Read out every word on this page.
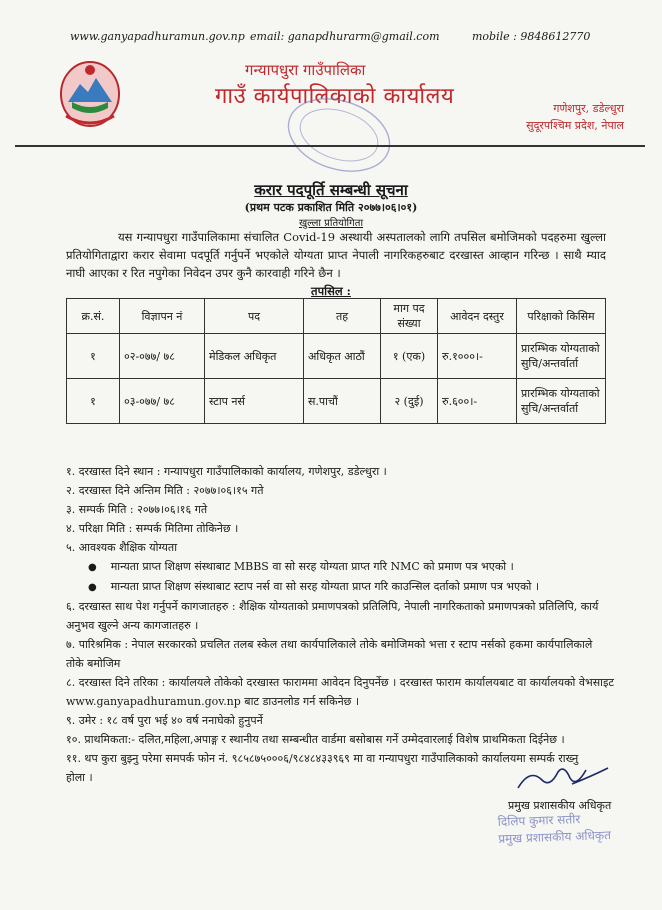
www.ganyapadhuramun.gov.np email: ganapdhurarm@gmail.com	mobile : 9848612770
गन्यापधुरा गाउँपालिका
गाउँ कार्यपालिकाको कार्यालय	गणेशपुर, डडेल्धुरा
सुदूरपश्चिम प्रदेश, नेपाल
करार पदपूर्ति सम्बन्धी सूचना
(प्रथम पटक प्रकाशित मिति २०७७।०६।०१)
खुल्ला प्रतियोगिता
यस गन्यापधुरा गाउँपालिकामा संचालित Covid-19 अस्थायी अस्पतालको लागि तपसिल बमोजिमको पदहरुमा खुल्ला प्रतियोगिताद्वारा करार सेवामा पदपूर्ति गर्नुपर्ने भएकोले योग्यता प्राप्त नेपाली नागरिकहरुबाट दरखास्त आव्हान गरिन्छ । साथै म्याद नाघी आएका र रित नपुगेका निवेदन उपर कुनै कारवाही गरिने छैन ।
तपसिल :
क्र.सं.	विज्ञापन नं	पद	तह	माग पद संख्या	आवेदन दस्तुर	परिक्षाको किसिम
१	०२-०७७/ ७८	मेडिकल अधिकृत	अधिकृत आठौं	१ (एक)	रु.१०००।-	प्रारम्भिक योग्यताको सुचि/अन्तर्वार्ता
१	०३-०७७/ ७८	स्टाप नर्स	स.पाचौं	२ (दुई)	रु.६००।-	प्रारम्भिक योग्यताको सुचि/अन्तर्वार्ता
१. दरखास्त दिने स्थान : गन्यापधुरा गाउँपालिकाको कार्यालय, गणेशपुर, डडेल्धुरा ।
२. दरखास्त दिने अन्तिम मिति : २०७७।०६।१५ गते
३. सम्पर्क मिति : २०७७।०६।१६ गते
४. परिक्षा मिति : सम्पर्क मितिमा तोकिनेछ ।
५. आवश्यक शैक्षिक योग्यता
● मान्यता प्राप्त शिक्षण संस्थाबाट MBBS वा सो सरह योग्यता प्राप्त गरि NMC को प्रमाण पत्र भएको ।
● मान्यता प्राप्त शिक्षण संस्थाबाट स्टाप नर्स वा सो सरह योग्यता प्राप्त गरि काउन्सिल दर्ताको प्रमाण पत्र भएको ।
६. दरखास्त साथ पेश गर्नुपर्ने कागजातहरु : शैक्षिक योग्यताको प्रमाणपत्रको प्रतिलिपि, नेपाली नागरिकताको प्रमाणपत्रको प्रतिलिपि, कार्य
अनुभव खुल्ने अन्य कागजातहरु ।
७. पारिश्रमिक : नेपाल सरकारको प्रचलित तलब स्केल तथा कार्यपालिकाले तोके बमोजिमको भत्ता र स्टाप नर्सको हकमा कार्यपालिकाले
तोके बमोजिम
८. दरखास्त दिने तरिका : कार्यालयले तोकेको दरखास्त फाराममा आवेदन दिनुपर्नेछ । दरखास्त फाराम कार्यालयबाट वा कार्यालयको वेभसाइट
www.ganyapadhuramun.gov.np बाट डाउनलोड गर्न सकिनेछ ।
९. उमेर : १८ वर्ष पुरा भई ४० वर्ष ननाघेको हुनुपर्ने
१०. प्राथमिकता:- दलित,महिला,अपाङ्ग र स्थानीय तथा सम्बन्धीत वार्डमा बसोबास गर्ने उम्मेदवारलाई विशेष प्राथमिकता दिईनेछ ।
११. थप कुरा बुझ्नु परेमा समपर्क फोन नं. ९८५८७५०००६/९८४८४३३९६९ मा वा गन्यापधुरा गाउँपालिकाको कार्यालयमा सम्पर्क राख्नु
होला ।
प्रमुख प्रशासकीय अधिकृत
दिलिप कुमार सतीर
प्रमुख प्रशासकीय अधिकृत
